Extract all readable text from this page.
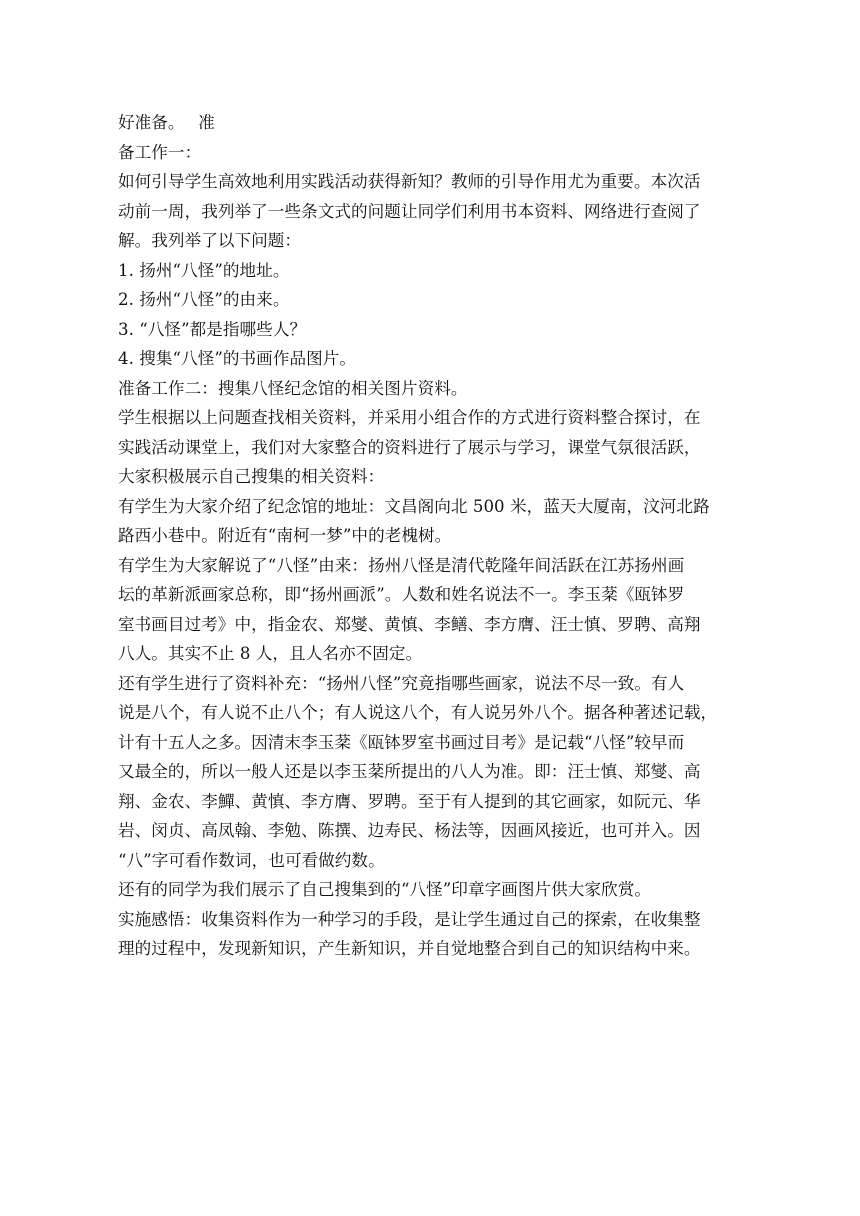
好准备。　 准
备工作一：
如何引导学生高效地利用实践活动获得新知？教师的引导作用尤为重要。本次活
动前一周，我列举了一些条文式的问题让同学们利用书本资料、网络进行查阅了
解。我列举了以下问题：
1. 扬州“八怪”的地址。
2. 扬州“八怪”的由来。
3. “八怪”都是指哪些人？
4. 搜集“八怪”的书画作品图片。
准备工作二：搜集八怪纪念馆的相关图片资料。
学生根据以上问题查找相关资料，并采用小组合作的方式进行资料整合探讨，在
实践活动课堂上，我们对大家整合的资料进行了展示与学习，课堂气氛很活跃，
大家积极展示自己搜集的相关资料：
有学生为大家介绍了纪念馆的地址：文昌阁向北 500 米，蓝天大厦南，汶河北路
路西小巷中。附近有“南柯一梦”中的老槐树。
有学生为大家解说了“八怪”由来：扬州八怪是清代乾隆年间活跃在江苏扬州画
坛的革新派画家总称，即“扬州画派”。人数和姓名说法不一。李玉棻《瓯钵罗
室书画目过考》中，指金农、郑燮、黄慎、李鳝、李方膺、汪士慎、罗聘、高翔
八人。其实不止 8 人，且人名亦不固定。
还有学生进行了资料补充：“扬州八怪”究竟指哪些画家，说法不尽一致。有人
说是八个，有人说不止八个；有人说这八个，有人说另外八个。据各种著述记载，
计有十五人之多。因清末李玉棻《瓯钵罗室书画过目考》是记载“八怪”较早而
又最全的，所以一般人还是以李玉棻所提出的八人为准。即：汪士慎、郑燮、高
翔、金农、李鱓、黄慎、李方膺、罗聘。至于有人提到的其它画家，如阮元、华
岩、闵贞、高凤翰、李勉、陈撰、边寿民、杨法等，因画风接近，也可并入。因
“八”字可看作数词，也可看做约数。
还有的同学为我们展示了自己搜集到的“八怪”印章字画图片供大家欣赏。
实施感悟：收集资料作为一种学习的手段，是让学生通过自己的探索，在收集整
理的过程中，发现新知识，产生新知识，并自觉地整合到自己的知识结构中来。
